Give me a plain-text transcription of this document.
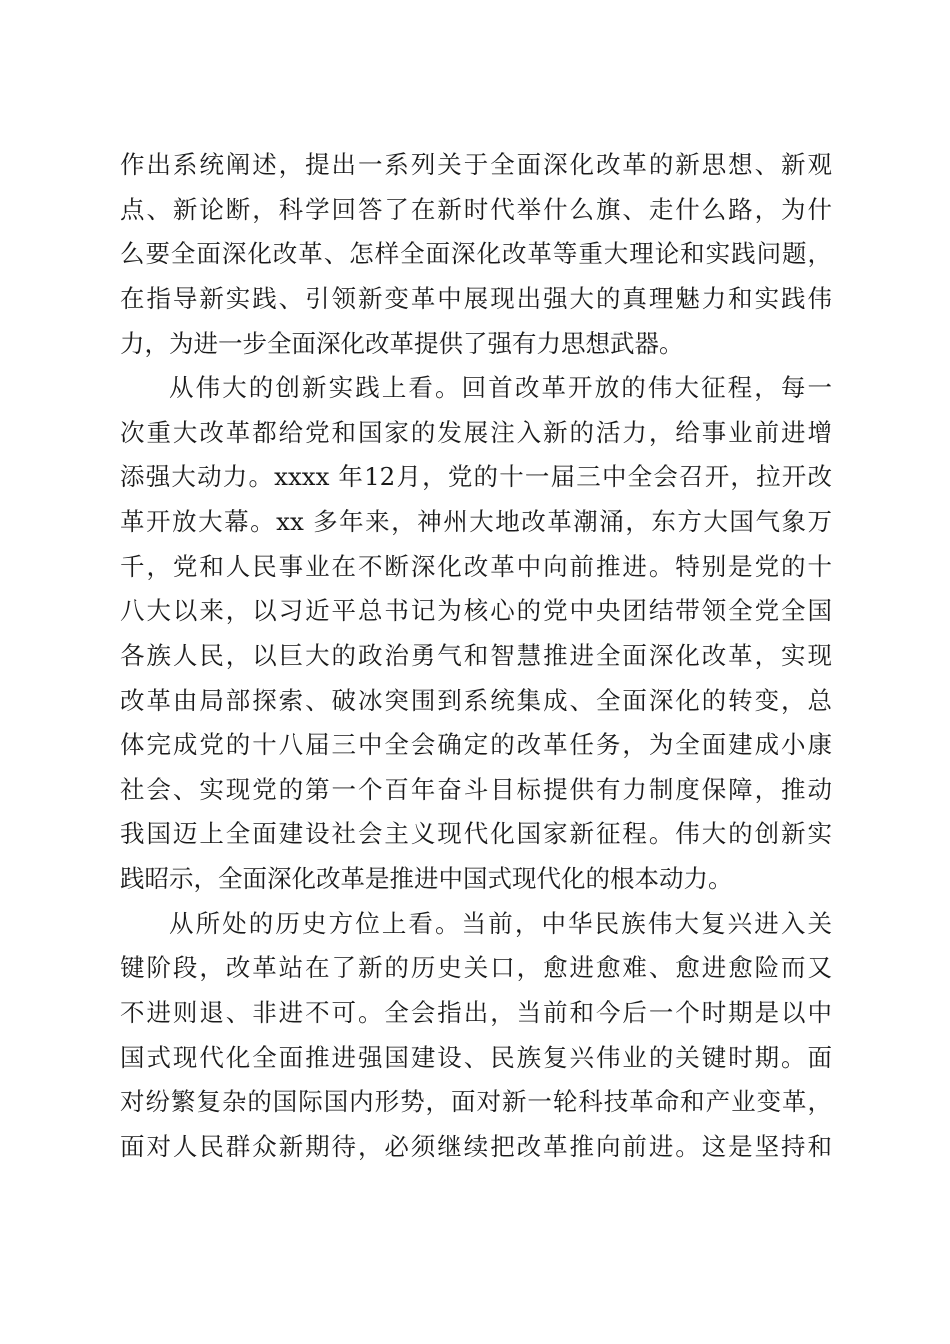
作出系统阐述，提出一系列关于全面深化改革的新思想、新观
点、新论断，科学回答了在新时代举什么旗、走什么路，为什
么要全面深化改革、怎样全面深化改革等重大理论和实践问题，
在指导新实践、引领新变革中展现出强大的真理魅力和实践伟
力，为进一步全面深化改革提供了强有力思想武器。
从伟大的创新实践上看。回首改革开放的伟大征程，每一
次重大改革都给党和国家的发展注入新的活力，给事业前进增
添强大动力。xxxx 年12月，党的十一届三中全会召开，拉开改
革开放大幕。xx 多年来，神州大地改革潮涌，东方大国气象万
千，党和人民事业在不断深化改革中向前推进。特别是党的十
八大以来，以习近平总书记为核心的党中央团结带领全党全国
各族人民，以巨大的政治勇气和智慧推进全面深化改革，实现
改革由局部探索、破冰突围到系统集成、全面深化的转变，总
体完成党的十八届三中全会确定的改革任务，为全面建成小康
社会、实现党的第一个百年奋斗目标提供有力制度保障，推动
我国迈上全面建设社会主义现代化国家新征程。伟大的创新实
践昭示，全面深化改革是推进中国式现代化的根本动力。
从所处的历史方位上看。当前，中华民族伟大复兴进入关
键阶段，改革站在了新的历史关口，愈进愈难、愈进愈险而又
不进则退、非进不可。全会指出，当前和今后一个时期是以中
国式现代化全面推进强国建设、民族复兴伟业的关键时期。面
对纷繁复杂的国际国内形势，面对新一轮科技革命和产业变革，
面对人民群众新期待，必须继续把改革推向前进。这是坚持和
